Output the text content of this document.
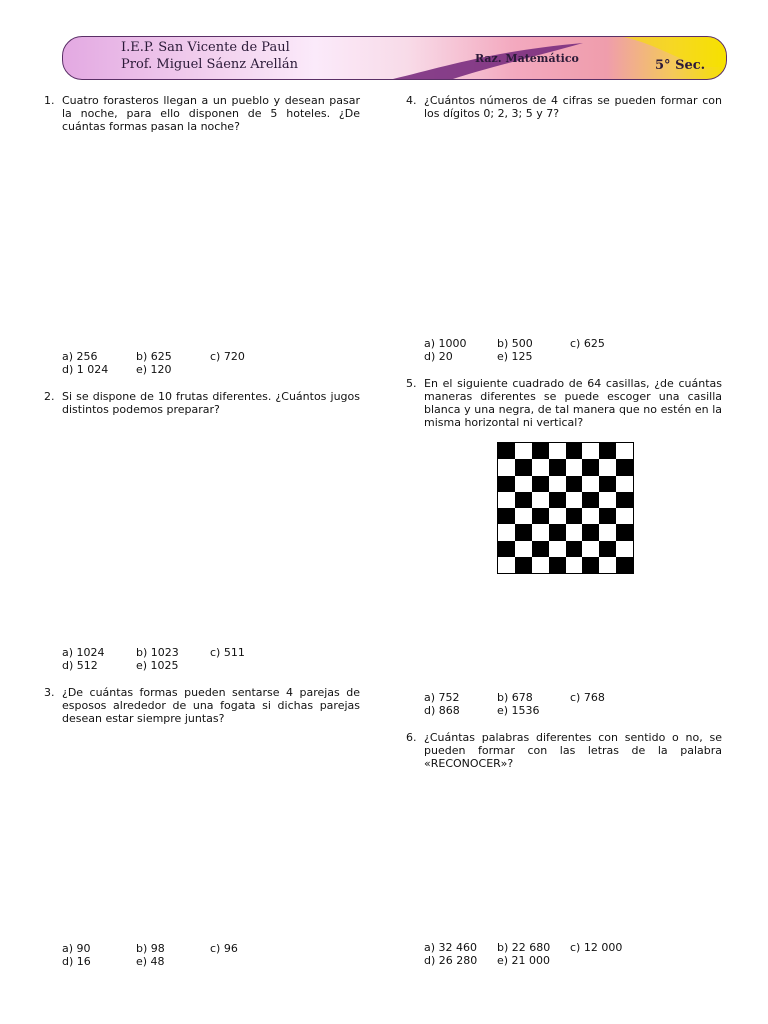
I.E.P. San Vicente de Paul
Prof. Miguel Sáenz Arellán	Raz. Matemático	5° Sec.
1. Cuatro forasteros llegan a un pueblo y desean pasar la noche, para ello disponen de 5 hoteles. ¿De cuántas formas pasan la noche?
a) 256	b) 625	c) 720
d) 1 024	e) 120
2. Si se dispone de 10 frutas diferentes. ¿Cuántos jugos distintos podemos preparar?
a) 1024	b) 1023	c) 511
d) 512	e) 1025
3. ¿De cuántas formas pueden sentarse 4 parejas de esposos alrededor de una fogata si dichas parejas desean estar siempre juntas?
a) 90	b) 98	c) 96
d) 16	e) 48
4. ¿Cuántos números de 4 cifras se pueden formar con los dígitos 0; 2, 3; 5 y 7?
a) 1000	b) 500	c) 625
d) 20	e) 125
5. En el siguiente cuadrado de 64 casillas, ¿de cuántas maneras diferentes se puede escoger una casilla blanca y una negra, de tal manera que no estén en la misma horizontal ni vertical?
a) 752	b) 678	c) 768
d) 868	e) 1536
6. ¿Cuántas palabras diferentes con sentido o no, se pueden formar con las letras de la palabra «RECONOCER»?
a) 32 460 b) 22 680 c) 12 000
d) 26 280 e) 21 000
